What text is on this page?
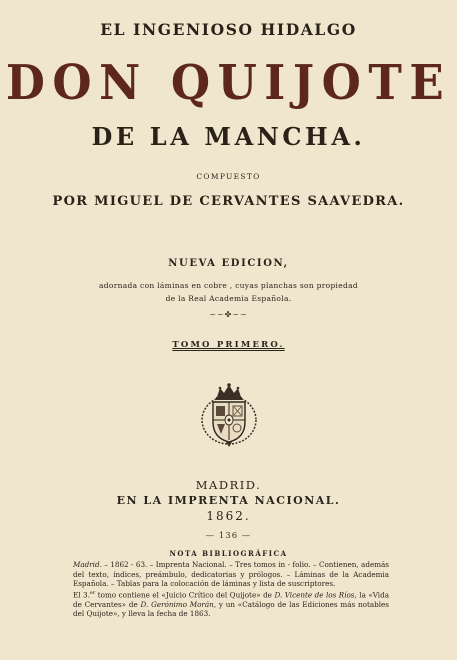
EL INGENIOSO HIDALGO
DON QUIJOTE
DE LA MANCHA.
COMPUESTO
POR MIGUEL DE CERVANTES SAAVEDRA.
NUEVA EDICION,
adornada con láminas en cobre , cuyas planchas son propiedad
de la Real Academia Española.
~∽✤∽~
TOMO PRIMERO.
MADRID.
EN LA IMPRENTA NACIONAL.
1862.
— 136 —
NOTA BIBLIOGRÁFICA

Madrid. – 1862 - 63. – Imprenta Nacional. – Tres tomos in - folio. – Contienen, además del texto, índices, preámbulo, dedicatorias y prólogos. – Láminas de la Academia Española. – Tablas para la colocación de láminas y lista de suscriptores.

El 3.$^{er}$ tomo contiene el «Juicio Crítico del Quijote» de D. Vicente de los Ríos, la «Vida de Cervantes» de D. Gerónimo Morán, y un «Catálogo de las Ediciones más notables del Quijote», y lleva la fecha de 1863.
